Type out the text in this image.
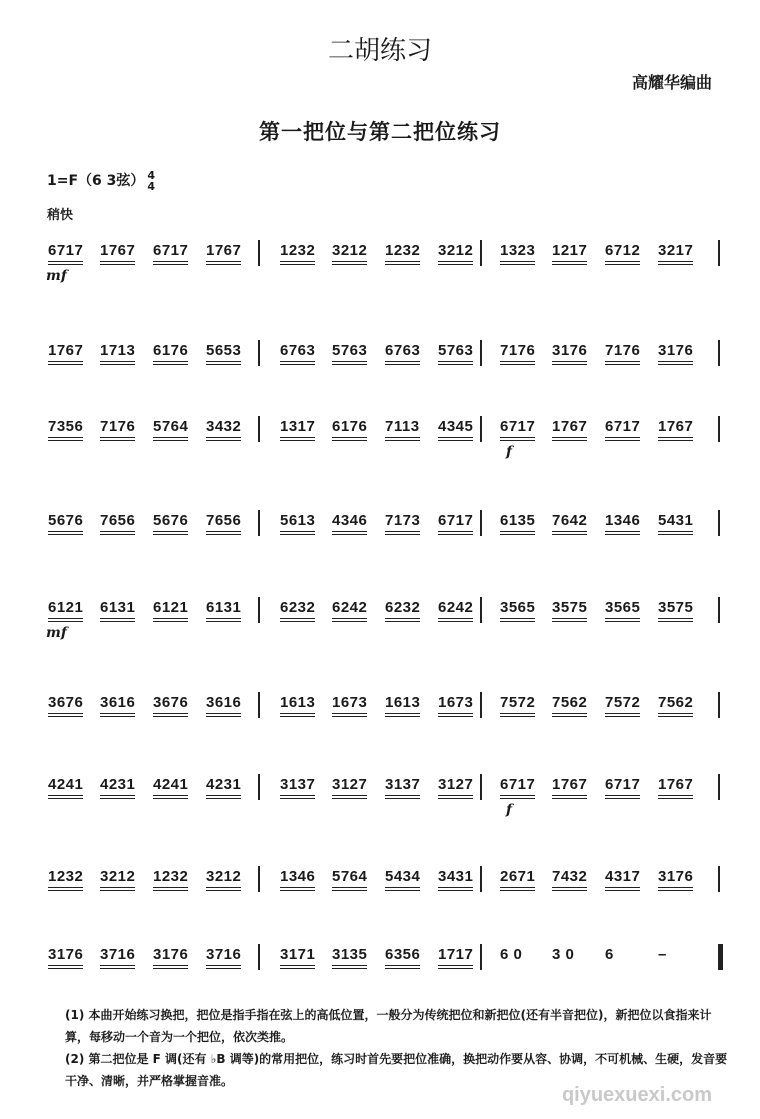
二胡练习
高耀华编曲
第一把位与第二把位练习
1=F（6 3弦） 4
4
稍快
6717 1767 6717 1767	1232 3212 1232 3212 1323 1217 6712 3217
mf
1767 1713 6176 5653	6763 5763 6763 5763 7176 3176 7176 3176
7356 7176 5764 3432	1317 6176 7113 4345 6717 1767 6717 1767
f
5676 7656 5676 7656	5613 4346 7173 6717 6135 7642 1346 5431
6121 6131 6121 6131	6232 6242 6232 6242 3565 3575 3565 3575
mf
3676 3616 3676 3616	1613 1673 1613 1673 7572 7562 7572 7562
4241 4231 4241 4231	3137 3127 3137 3127 6717 1767 6717 1767
f
1232 3212 1232 3212	1346 5764 5434 3431 2671 7432 4317 3176
3176 3716 3176 3716	3171 3135 6356 1717 6 0 3 0 6	–

(1) 本曲开始练习换把，把位是指手指在弦上的高低位置，一般分为传统把位和新把位(还有半音把位)，新把位以食指来计算，每移动一个音为一个把位，依次类推。

(2) 第二把位是 F 调(还有 ♭B 调等)的常用把位，练习时首先要把位准确，换把动作要从容、协调，不可机械、生硬，发音要干净、清晰，并严格掌握音准。

qiyuexuexi.com
